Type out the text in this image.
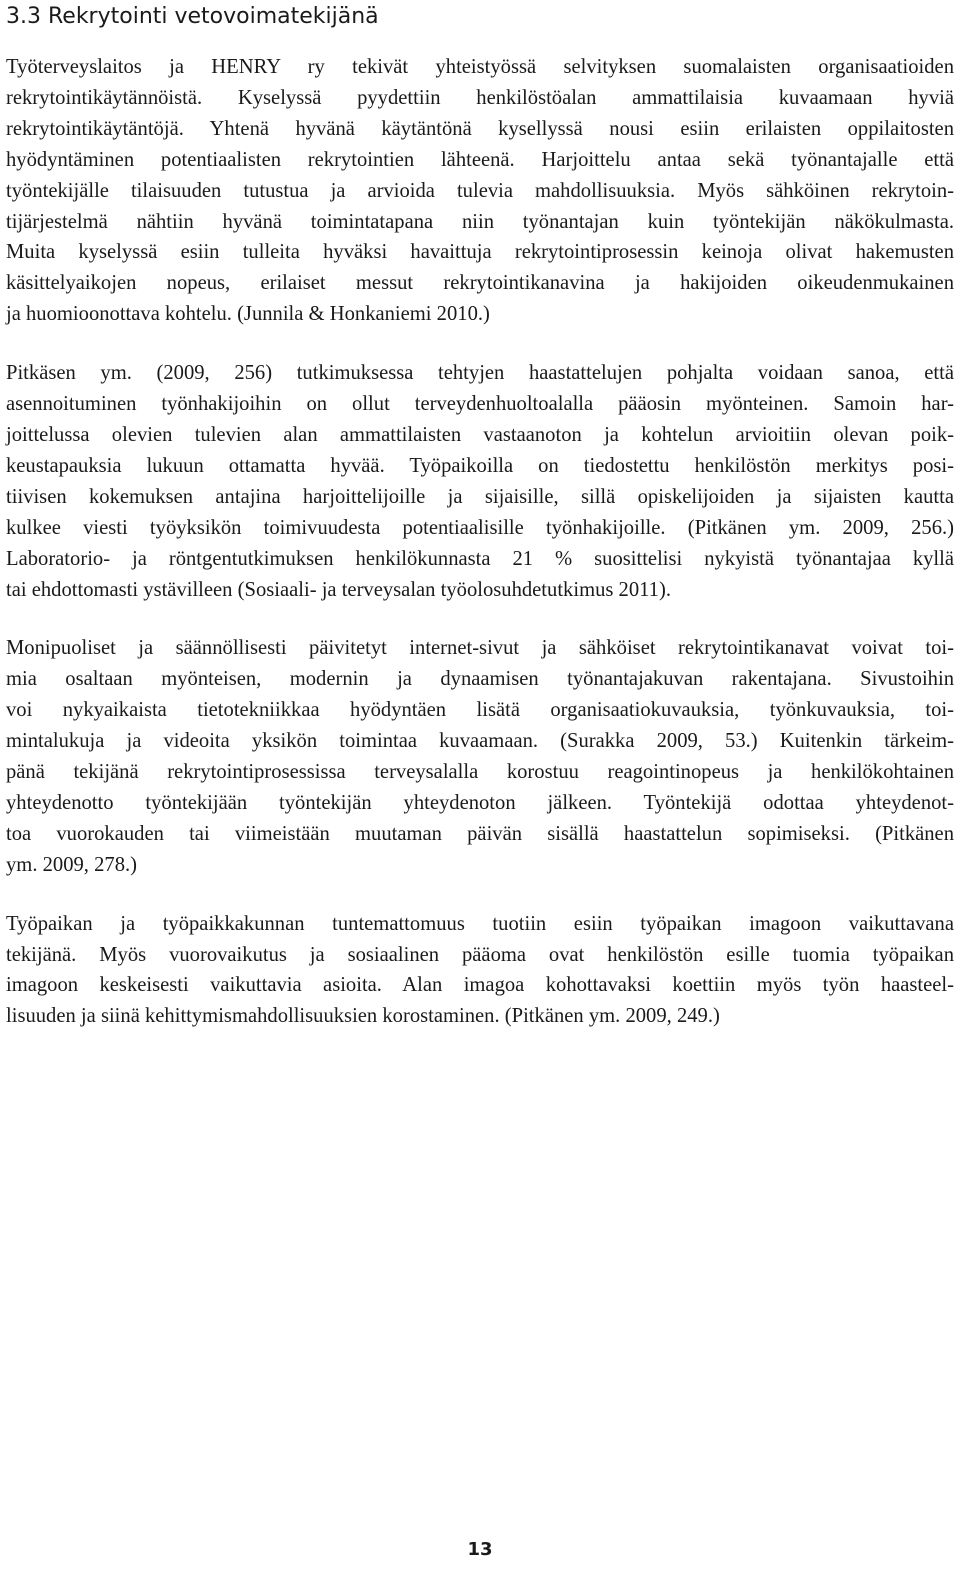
3.3 Rekrytointi vetovoimatekijänä

Työterveyslaitos ja HENRY ry tekivät yhteistyössä selvityksen suomalaisten organisaatioiden
rekrytointikäytännöistä. Kyselyssä pyydettiin henkilöstöalan ammattilaisia kuvaamaan hyviä
rekrytointikäytäntöjä. Yhtenä hyvänä käytäntönä kysellyssä nousi esiin erilaisten oppilaitosten
hyödyntäminen potentiaalisten rekrytointien lähteenä. Harjoittelu antaa sekä työnantajalle että
työntekijälle tilaisuuden tutustua ja arvioida tulevia mahdollisuuksia. Myös sähköinen rekrytoin-
tijärjestelmä nähtiin hyvänä toimintatapana niin työnantajan kuin työntekijän näkökulmasta.
Muita kyselyssä esiin tulleita hyväksi havaittuja rekrytointiprosessin keinoja olivat hakemusten
käsittelyaikojen nopeus, erilaiset messut rekrytointikanavina ja hakijoiden oikeudenmukainen
ja huomioonottava kohtelu. (Junnila & Honkaniemi 2010.)

Pitkäsen ym. (2009, 256) tutkimuksessa tehtyjen haastattelujen pohjalta voidaan sanoa, että
asennoituminen työnhakijoihin on ollut terveydenhuoltoalalla pääosin myönteinen. Samoin har-
joittelussa olevien tulevien alan ammattilaisten vastaanoton ja kohtelun arvioitiin olevan poik-
keustapauksia lukuun ottamatta hyvää. Työpaikoilla on tiedostettu henkilöstön merkitys posi-
tiivisen kokemuksen antajina harjoittelijoille ja sijaisille, sillä opiskelijoiden ja sijaisten kautta
kulkee viesti työyksikön toimivuudesta potentiaalisille työnhakijoille. (Pitkänen ym. 2009, 256.)
Laboratorio- ja röntgentutkimuksen henkilökunnasta 21 % suosittelisi nykyistä työnantajaa kyllä
tai ehdottomasti ystävilleen (Sosiaali- ja terveysalan työolosuhdetutkimus 2011).

Monipuoliset ja säännöllisesti päivitetyt internet-sivut ja sähköiset rekrytointikanavat voivat toi-
mia osaltaan myönteisen, modernin ja dynaamisen työnantajakuvan rakentajana. Sivustoihin
voi nykyaikaista tietotekniikkaa hyödyntäen lisätä organisaatiokuvauksia, työnkuvauksia, toi-
mintalukuja ja videoita yksikön toimintaa kuvaamaan. (Surakka 2009, 53.) Kuitenkin tärkeim-
pänä tekijänä rekrytointiprosessissa terveysalalla korostuu reagointinopeus ja henkilökohtainen
yhteydenotto työntekijään työntekijän yhteydenoton jälkeen. Työntekijä odottaa yhteydenot-
toa vuorokauden tai viimeistään muutaman päivän sisällä haastattelun sopimiseksi. (Pitkänen
ym. 2009, 278.)

Työpaikan ja työpaikkakunnan tuntemattomuus tuotiin esiin työpaikan imagoon vaikuttavana
tekijänä. Myös vuorovaikutus ja sosiaalinen pääoma ovat henkilöstön esille tuomia työpaikan
imagoon keskeisesti vaikuttavia asioita. Alan imagoa kohottavaksi koettiin myös työn haasteel-
lisuuden ja siinä kehittymismahdollisuuksien korostaminen. (Pitkänen ym. 2009, 249.)

13
